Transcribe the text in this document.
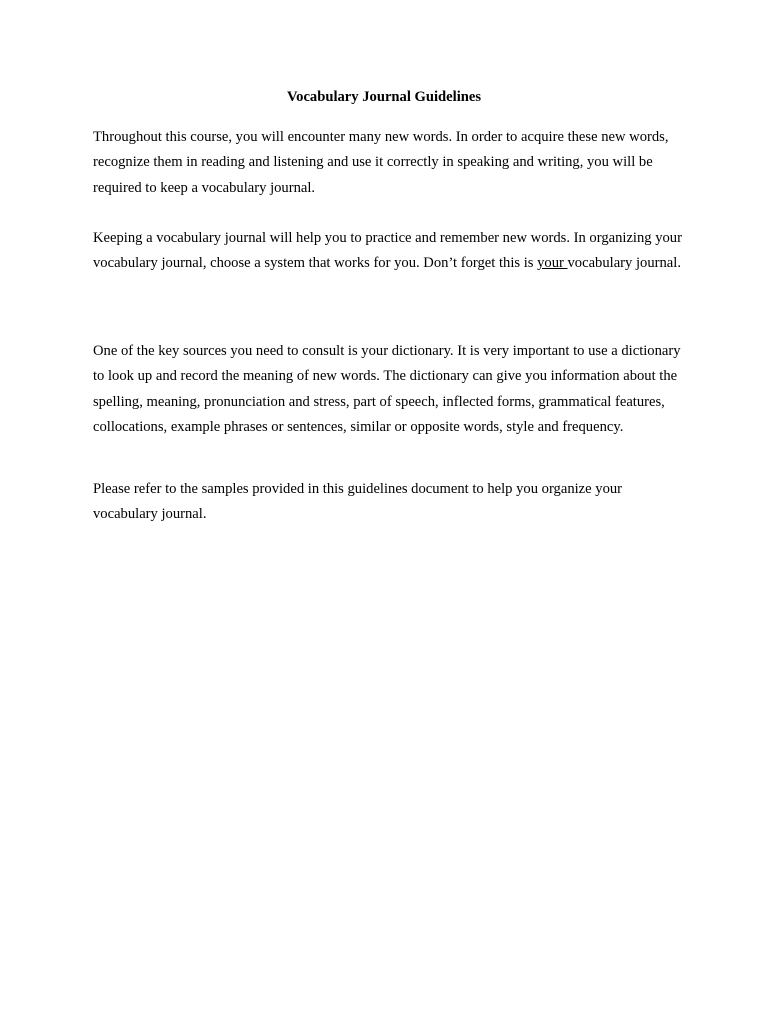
Vocabulary Journal Guidelines

Throughout this course, you will encounter many new words. In order to acquire these new words, recognize them in reading and listening and use it correctly in speaking and writing, you will be required to keep a vocabulary journal.

Keeping a vocabulary journal will help you to practice and remember new words. In organizing your vocabulary journal, choose a system that works for you. Don’t forget this is your vocabulary journal.

One of the key sources you need to consult is your dictionary. It is very important to use a dictionary to look up and record the meaning of new words. The dictionary can give you information about the spelling, meaning, pronunciation and stress, part of speech, inflected forms, grammatical features, collocations, example phrases or sentences, similar or opposite words, style and frequency.

Please refer to the samples provided in this guidelines document to help you organize your vocabulary journal.
